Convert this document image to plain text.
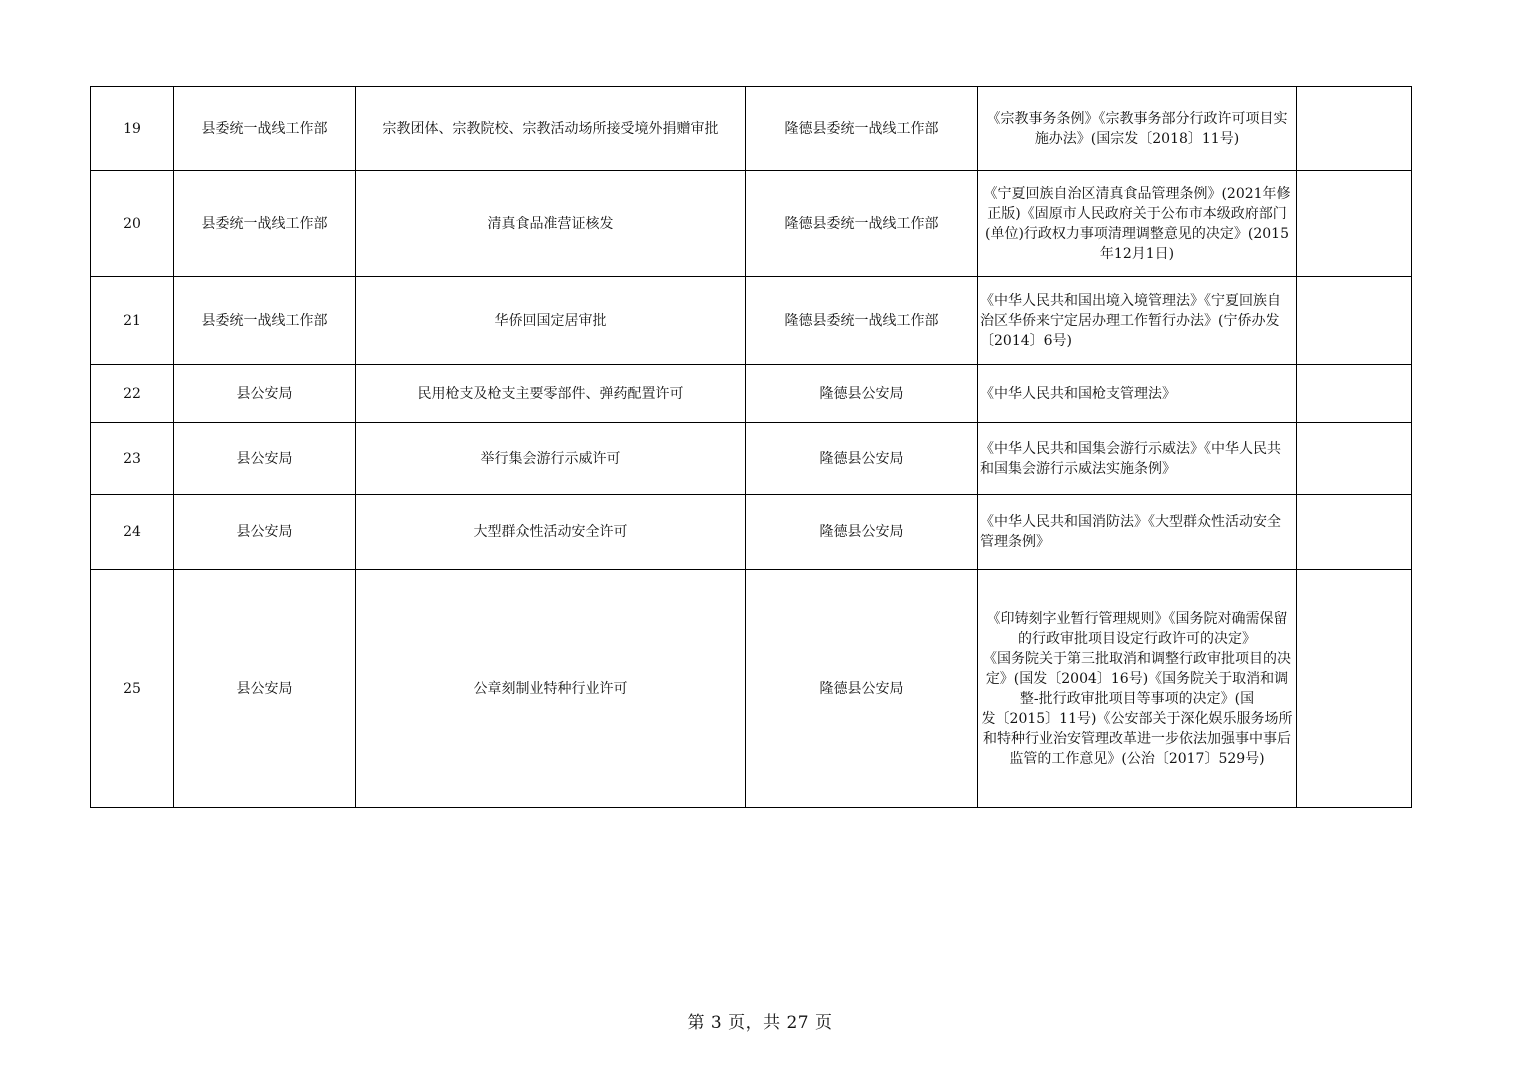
19	县委统一战线工作部	宗教团体、宗教院校、宗教活动场所接受境外捐赠审批	隆德县委统一战线工作部	《宗教事务条例》《宗教事务部分行政许可项目实施办法》(国宗发〔2018〕11号)	
20	县委统一战线工作部	清真食品准营证核发	隆德县委统一战线工作部	《宁夏回族自治区清真食品管理条例》(2021年修正版)《固原市人民政府关于公布市本级政府部门(单位)行政权力事项清理调整意见的决定》(2015年12月1日)	
21	县委统一战线工作部	华侨回国定居审批	隆德县委统一战线工作部	《中华人民共和国出境入境管理法》《宁夏回族自治区华侨来宁定居办理工作暂行办法》(宁侨办发〔2014〕6号)	
22	县公安局	民用枪支及枪支主要零部件、弹药配置许可	隆德县公安局	《中华人民共和国枪支管理法》	
23	县公安局	举行集会游行示威许可	隆德县公安局	《中华人民共和国集会游行示威法》《中华人民共和国集会游行示威法实施条例》	
24	县公安局	大型群众性活动安全许可	隆德县公安局	《中华人民共和国消防法》《大型群众性活动安全管理条例》	
25	县公安局	公章刻制业特种行业许可	隆德县公安局	《印铸刻字业暂行管理规则》《国务院对确需保留的行政审批项目设定行政许可的决定》
《国务院关于第三批取消和调整行政审批项目的决定》(国发〔2004〕16号)《国务院关于取消和调整-批行政审批项目等事项的决定》(国
发〔2015〕11号)《公安部关于深化娱乐服务场所和特种行业治安管理改革进一步依法加强事中事后监管的工作意见》(公治〔2017〕529号)	
第 3 页，共 27 页
